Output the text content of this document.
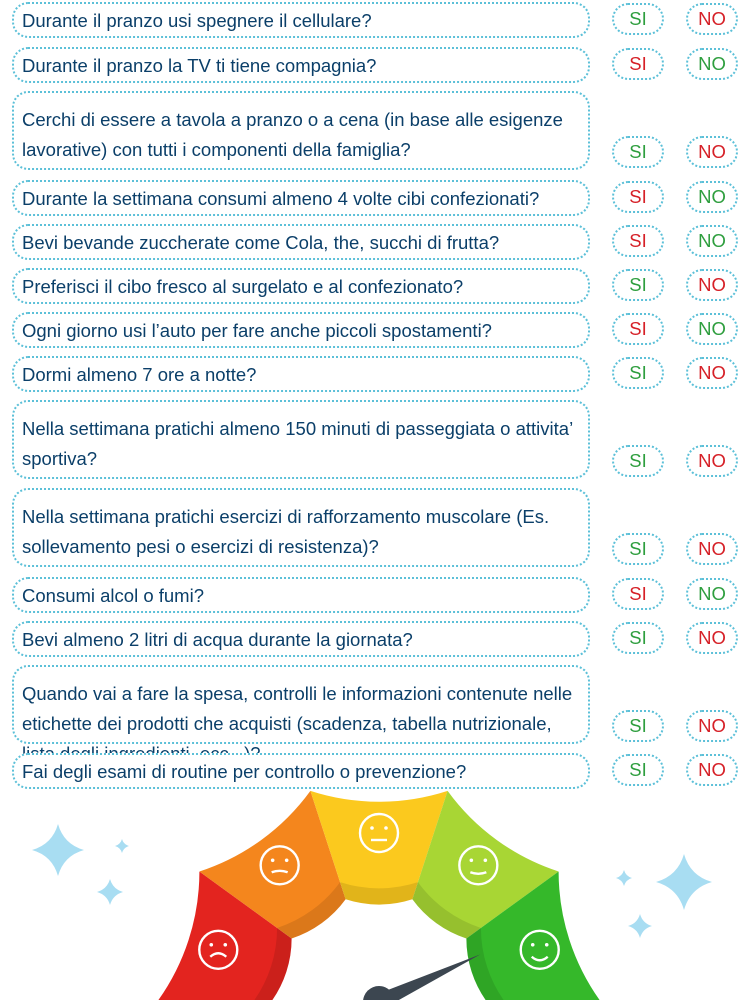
Durante il pranzo usi spegnere il cellulare?	SI	NO
Durante il pranzo la TV ti tiene compagnia?	SI	NO
Cerchi di essere a tavola a pranzo o a cena (in base alle esigenze lavorative) con tutti i componenti della famiglia?	SI	NO
Durante la settimana consumi almeno 4 volte cibi confezionati?	SI	NO
Bevi bevande zuccherate come Cola, the, succhi di frutta?	SI	NO
Preferisci il cibo fresco al surgelato e al confezionato?	SI	NO
Ogni giorno usi l’auto per fare anche piccoli spostamenti?	SI	NO
Dormi almeno 7 ore a notte?	SI	NO
Nella settimana pratichi almeno 150 minuti di passeggiata o attivita’ sportiva?	SI	NO
Nella settimana pratichi esercizi di rafforzamento muscolare (Es. sollevamento pesi o esercizi di resistenza)?	SI	NO
Consumi alcol o fumi?	SI	NO
Bevi almeno 2 litri di acqua durante la giornata?	SI	NO
Quando vai a fare la spesa, controlli le informazioni contenute nelle etichette dei prodotti che acquisti (scadenza, tabella nutrizionale,	SI	NO
Fai degli esami di routine per controllo o prevenzione?	SI	NO
